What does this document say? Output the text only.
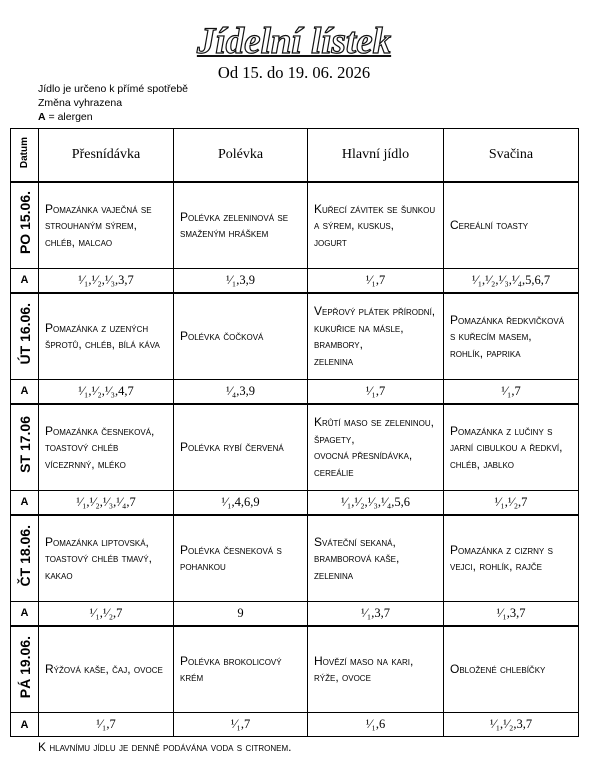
Jídelní lístek
Od 15. do 19. 06. 2026
Jídlo je určeno k přímé spotřebě
Změna vyhrazena
A = alergen
Datum	Přesnídávka	Polévka	Hlavní jídlo	Svačina
PO 15.06.	Pomazánka vaječná se
strouhaným sýrem,
chléb, malcao	Polévka zeleninová se
smaženým hráškem	Kuřecí závitek se šunkou
a sýrem, kuskus,
jogurt	Cereální toasty

A	¹⁄₁,¹⁄₂,¹⁄₃,3,7	¹⁄₁,3,9	¹⁄₁,7	¹⁄₁,¹⁄₂,¹⁄₃,¹⁄₄,5,6,7
ÚT 16.06.	Pomazánka z uzených
šprotů, chléb, bílá káva	Polévka čočková	Vepřový plátek přírodní,
kukuřice na másle,
brambory,
zelenina	Pomazánka ředkvičková
s kuřecím masem,
rohlík, paprika

A	¹⁄₁,¹⁄₂,¹⁄₃,4,7	¹⁄₄,3,9	¹⁄₁,7	¹⁄₁,7
ST 17.06	Pomazánka česneková,
toastový chléb
vícezrnný, mléko	Polévka rybí červená	Krůtí maso se zeleninou,
špagety,
ovocná přesnídávka,
cereálie	Pomazánka z lučiny s
jarní cibulkou a ředkví,
chléb, jablko

A	¹⁄₁,¹⁄₂,¹⁄₃,¹⁄₄,7	¹⁄₁,4,6,9	¹⁄₁,¹⁄₂,¹⁄₃,¹⁄₄,5,6	¹⁄₁,¹⁄₂,7
ČT 18.06.	Pomazánka liptovská,
toastový chléb tmavý,
kakao	Polévka česneková s
pohankou	Sváteční sekaná,
bramborová kaše,
zelenina	Pomazánka z cizrny s
vejci, rohlík, rajče

A	¹⁄₁,¹⁄₂,7	9	¹⁄₁,3,7	¹⁄₁,3,7
PÁ 19.06.	Rýžová kaše, čaj, ovoce	Polévka brokolicový
krém	Hovězí maso na kari,
rýže, ovoce	Obložené chlebíčky

A	¹⁄₁,7	¹⁄₁,7	¹⁄₁,6	¹⁄₁,¹⁄₂,3,7
K hlavnímu jídlu je denně podávána voda s citronem.
